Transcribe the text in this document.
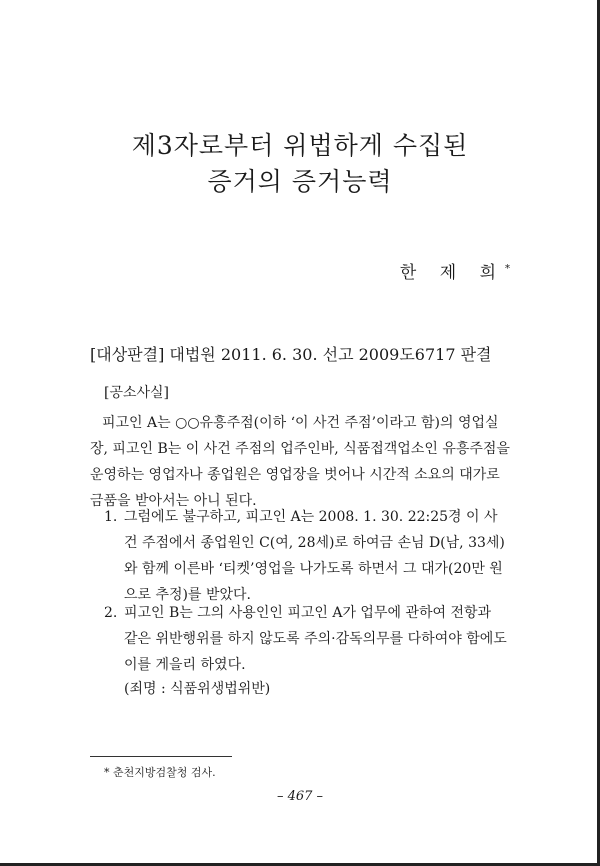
제3자로부터 위법하게 수집된
증거의 증거능력
한 제 희*
[대상판결] 대법원 2011. 6. 30. 선고 2009도6717 판결
[공소사실]
피고인 A는 ○○유흥주점(이하 ‘이 사건 주점’이라고 함)의 영업실장, 피고인 B는 이 사건 주점의 업주인바, 식품접객업소인 유흥주점을 운영하는 영업자나 종업원은 영업장을 벗어나 시간적 소요의 대가로 금품을 받아서는 아니 된다.
1. 그럼에도 불구하고, 피고인 A는 2008. 1. 30. 22:25경 이 사건 주점에서 종업원인 C(여, 28세)로 하여금 손님 D(남, 33세)와 함께 이른바 ‘티켓’영업을 나가도록 하면서 그 대가(20만 원으로 추정)를 받았다.
2. 피고인 B는 그의 사용인인 피고인 A가 업무에 관하여 전항과 같은 위반행위를 하지 않도록 주의·감독의무를 다하여야 함에도 이를 게을리 하였다.
(죄명 : 식품위생법위반)
* 춘천지방검찰청 검사.
– 467 –
